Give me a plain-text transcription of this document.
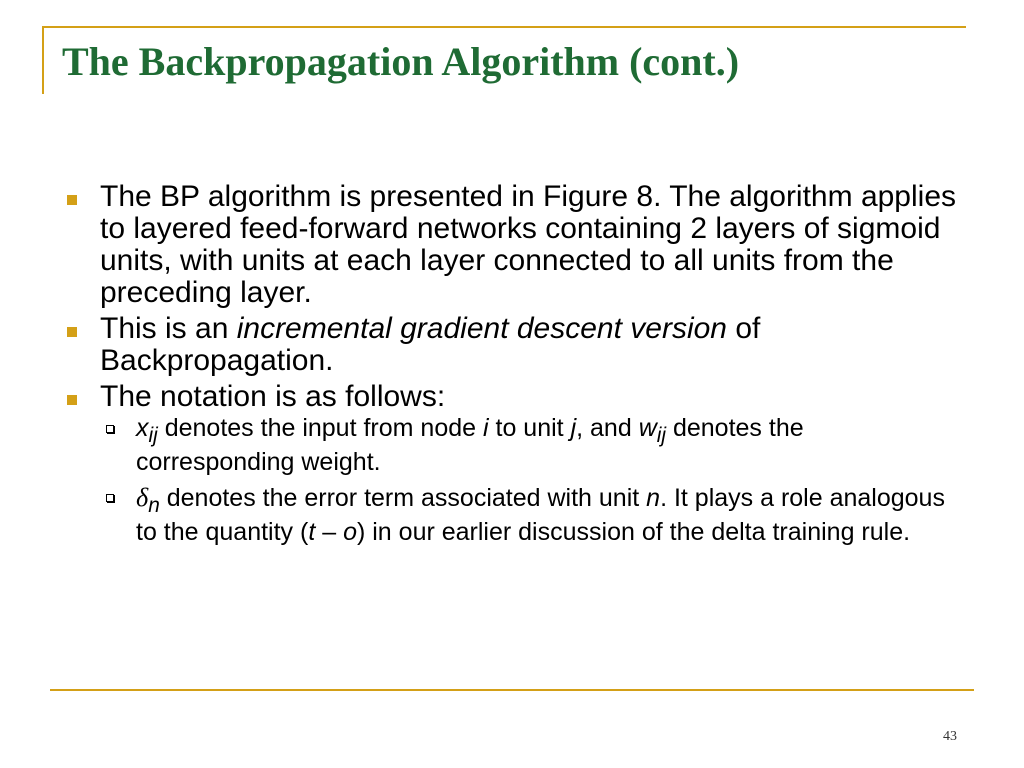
The Backpropagation Algorithm (cont.)
The BP algorithm is presented in Figure 8. The algorithm applies to layered feed-forward networks containing 2 layers of sigmoid units, with units at each layer connected to all units from the preceding layer.
This is an incremental gradient descent version of Backpropagation.
The notation is as follows:
$x_{ij}$ denotes the input from node i to unit j, and $w_{ij}$ denotes the corresponding weight.
$\delta_n$ denotes the error term associated with unit n. It plays a role analogous to the quantity (t – o) in our earlier discussion of the delta training rule.
43
